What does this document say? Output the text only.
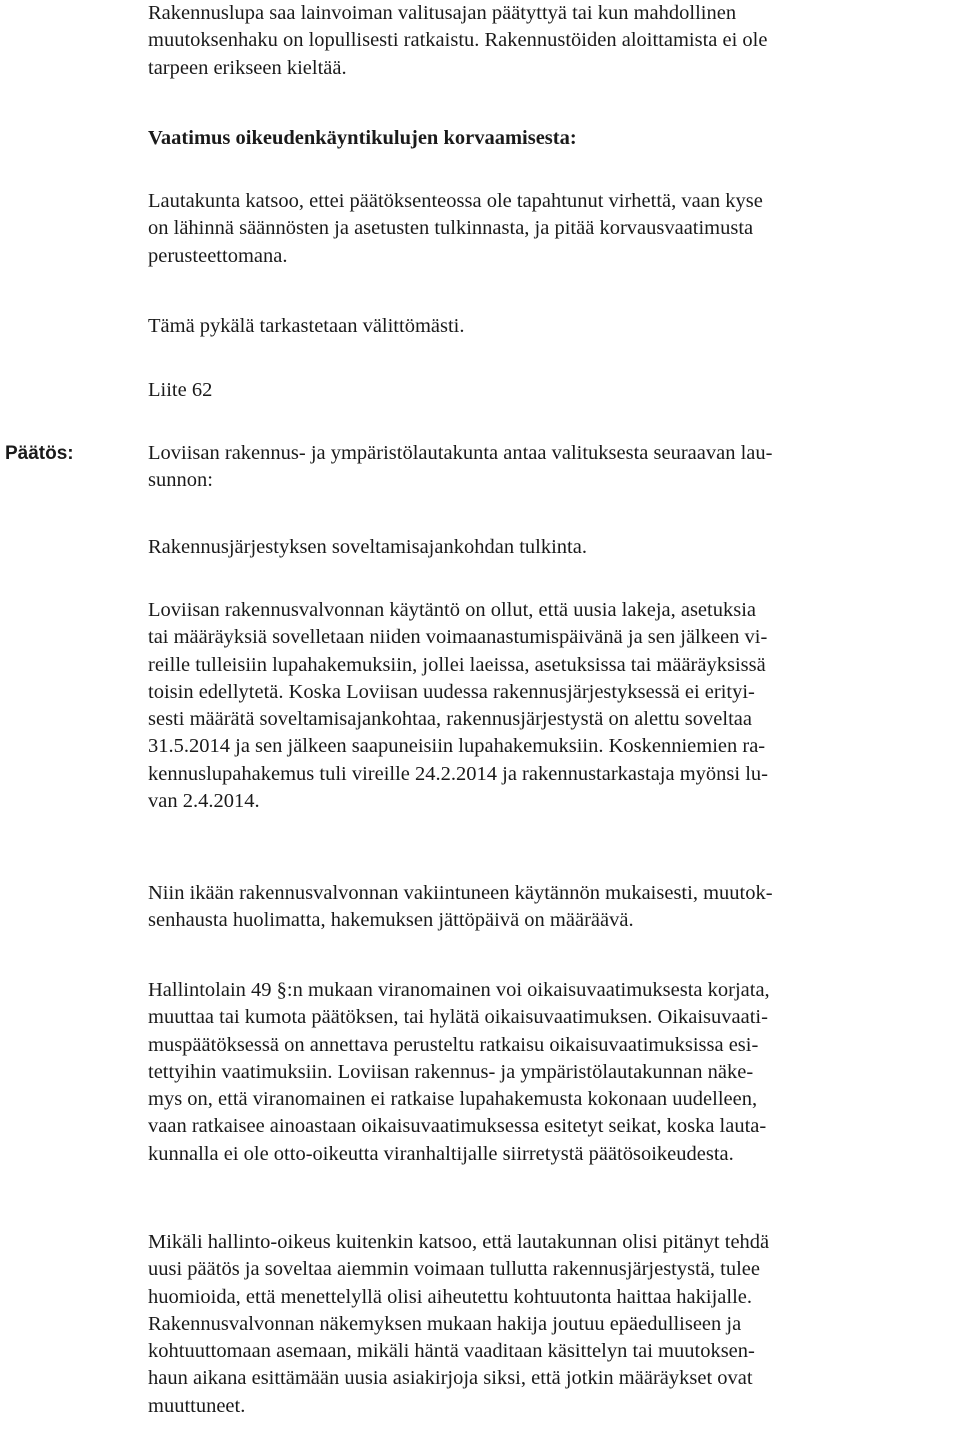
Rakennuslupa saa lainvoiman valitusajan päätyttyä tai kun mahdollinen
muutoksenhaku on lopullisesti ratkaistu. Rakennustöiden aloittamista ei ole
tarpeen erikseen kieltää.
Vaatimus oikeudenkäyntikulujen korvaamisesta:
Lautakunta katsoo, ettei päätöksenteossa ole tapahtunut virhettä, vaan kyse
on lähinnä säännösten ja asetusten tulkinnasta, ja pitää korvausvaatimusta
perusteettomana.
Tämä pykälä tarkastetaan välittömästi.
Liite 62
Päätös:	Loviisan rakennus- ja ympäristölautakunta antaa valituksesta seuraavan lau-
sunnon:
Rakennusjärjestyksen soveltamisajankohdan tulkinta.
Loviisan rakennusvalvonnan käytäntö on ollut, että uusia lakeja, asetuksia
tai määräyksiä sovelletaan niiden voimaanastumispäivänä ja sen jälkeen vi-
reille tulleisiin lupahakemuksiin, jollei laeissa, asetuksissa tai määräyksissä
toisin edellytetä. Koska Loviisan uudessa rakennusjärjestyksessä ei erityi-
sesti määrätä soveltamisajankohtaa, rakennusjärjestystä on alettu soveltaa
31.5.2014 ja sen jälkeen saapuneisiin lupahakemuksiin. Koskenniemien ra-
kennuslupahakemus tuli vireille 24.2.2014 ja rakennustarkastaja myönsi lu-
van 2.4.2014.
Niin ikään rakennusvalvonnan vakiintuneen käytännön mukaisesti, muutok-
senhausta huolimatta, hakemuksen jättöpäivä on määräävä.
Hallintolain 49 §:n mukaan viranomainen voi oikaisuvaatimuksesta korjata,
muuttaa tai kumota päätöksen, tai hylätä oikaisuvaatimuksen. Oikaisuvaati-
muspäätöksessä on annettava perusteltu ratkaisu oikaisuvaatimuksissa esi-
tettyihin vaatimuksiin. Loviisan rakennus- ja ympäristölautakunnan näke-
mys on, että viranomainen ei ratkaise lupahakemusta kokonaan uudelleen,
vaan ratkaisee ainoastaan oikaisuvaatimuksessa esitetyt seikat, koska lauta-
kunnalla ei ole otto-oikeutta viranhaltijalle siirretystä päätösoikeudesta.
Mikäli hallinto-oikeus kuitenkin katsoo, että lautakunnan olisi pitänyt tehdä
uusi päätös ja soveltaa aiemmin voimaan tullutta rakennusjärjestystä, tulee
huomioida, että menettelyllä olisi aiheutettu kohtuutonta haittaa hakijalle.
Rakennusvalvonnan näkemyksen mukaan hakija joutuu epäedulliseen ja
kohtuuttomaan asemaan, mikäli häntä vaaditaan käsittelyn tai muutoksen-
haun aikana esittämään uusia asiakirjoja siksi, että jotkin määräykset ovat
muuttuneet.
